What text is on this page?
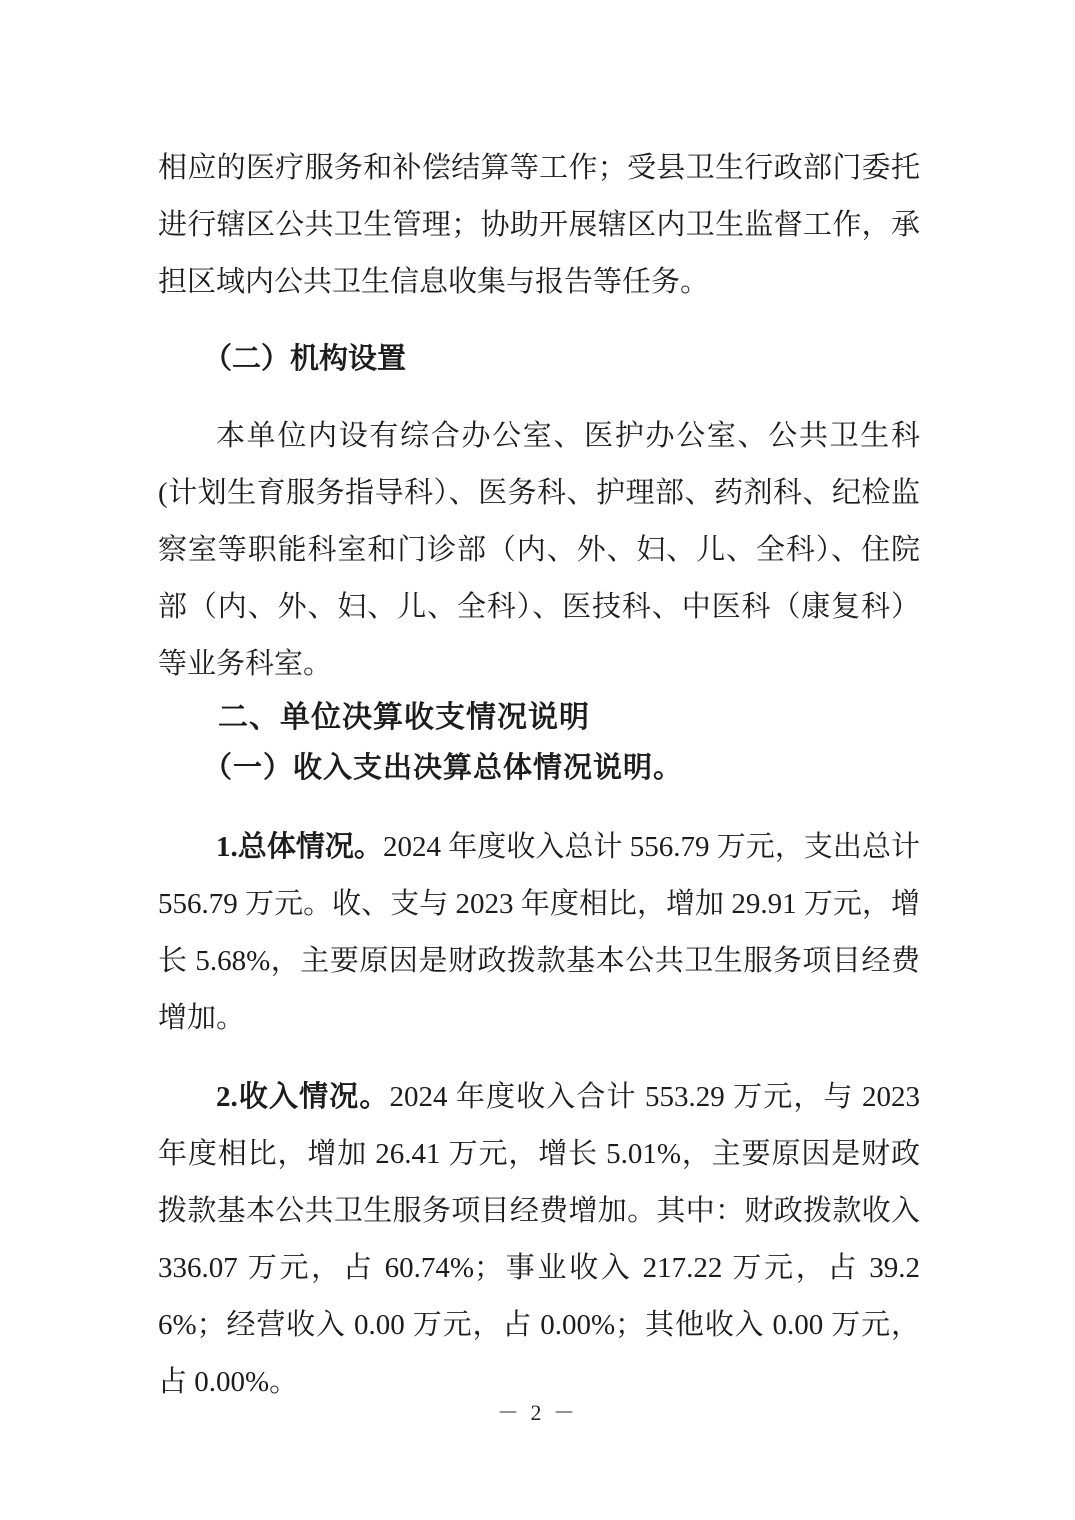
相应的医疗服务和补偿结算等工作；受县卫生行政部门委托进行辖区公共卫生管理；协助开展辖区内卫生监督工作，承担区域内公共卫生信息收集与报告等任务。

（二）机构设置

本单位内设有综合办公室、医护办公室、公共卫生科(计划生育服务指导科）、医务科、护理部、药剂科、纪检监察室等职能科室和门诊部（内、外、妇、儿、全科）、住院部（内、外、妇、儿、全科）、医技科、中医科（康复科）等业务科室。

二、单位决算收支情况说明
（一）收入支出决算总体情况说明。

1.总体情况。2024 年度收入总计 556.79 万元，支出总计 556.79 万元。收、支与 2023 年度相比，增加 29.91 万元，增长 5.68%，主要原因是财政拨款基本公共卫生服务项目经费增加。

2.收入情况。2024 年度收入合计 553.29 万元，与 2023 年度相比，增加 26.41 万元，增长 5.01%，主要原因是财政拨款基本公共卫生服务项目经费增加。其中：财政拨款收入 336.07 万元，占 60.74%；事业收入 217.22 万元，占 39.26%；经营收入 0.00 万元，占 0.00%；其他收入 0.00 万元，占 0.00%。

－ 2 －
